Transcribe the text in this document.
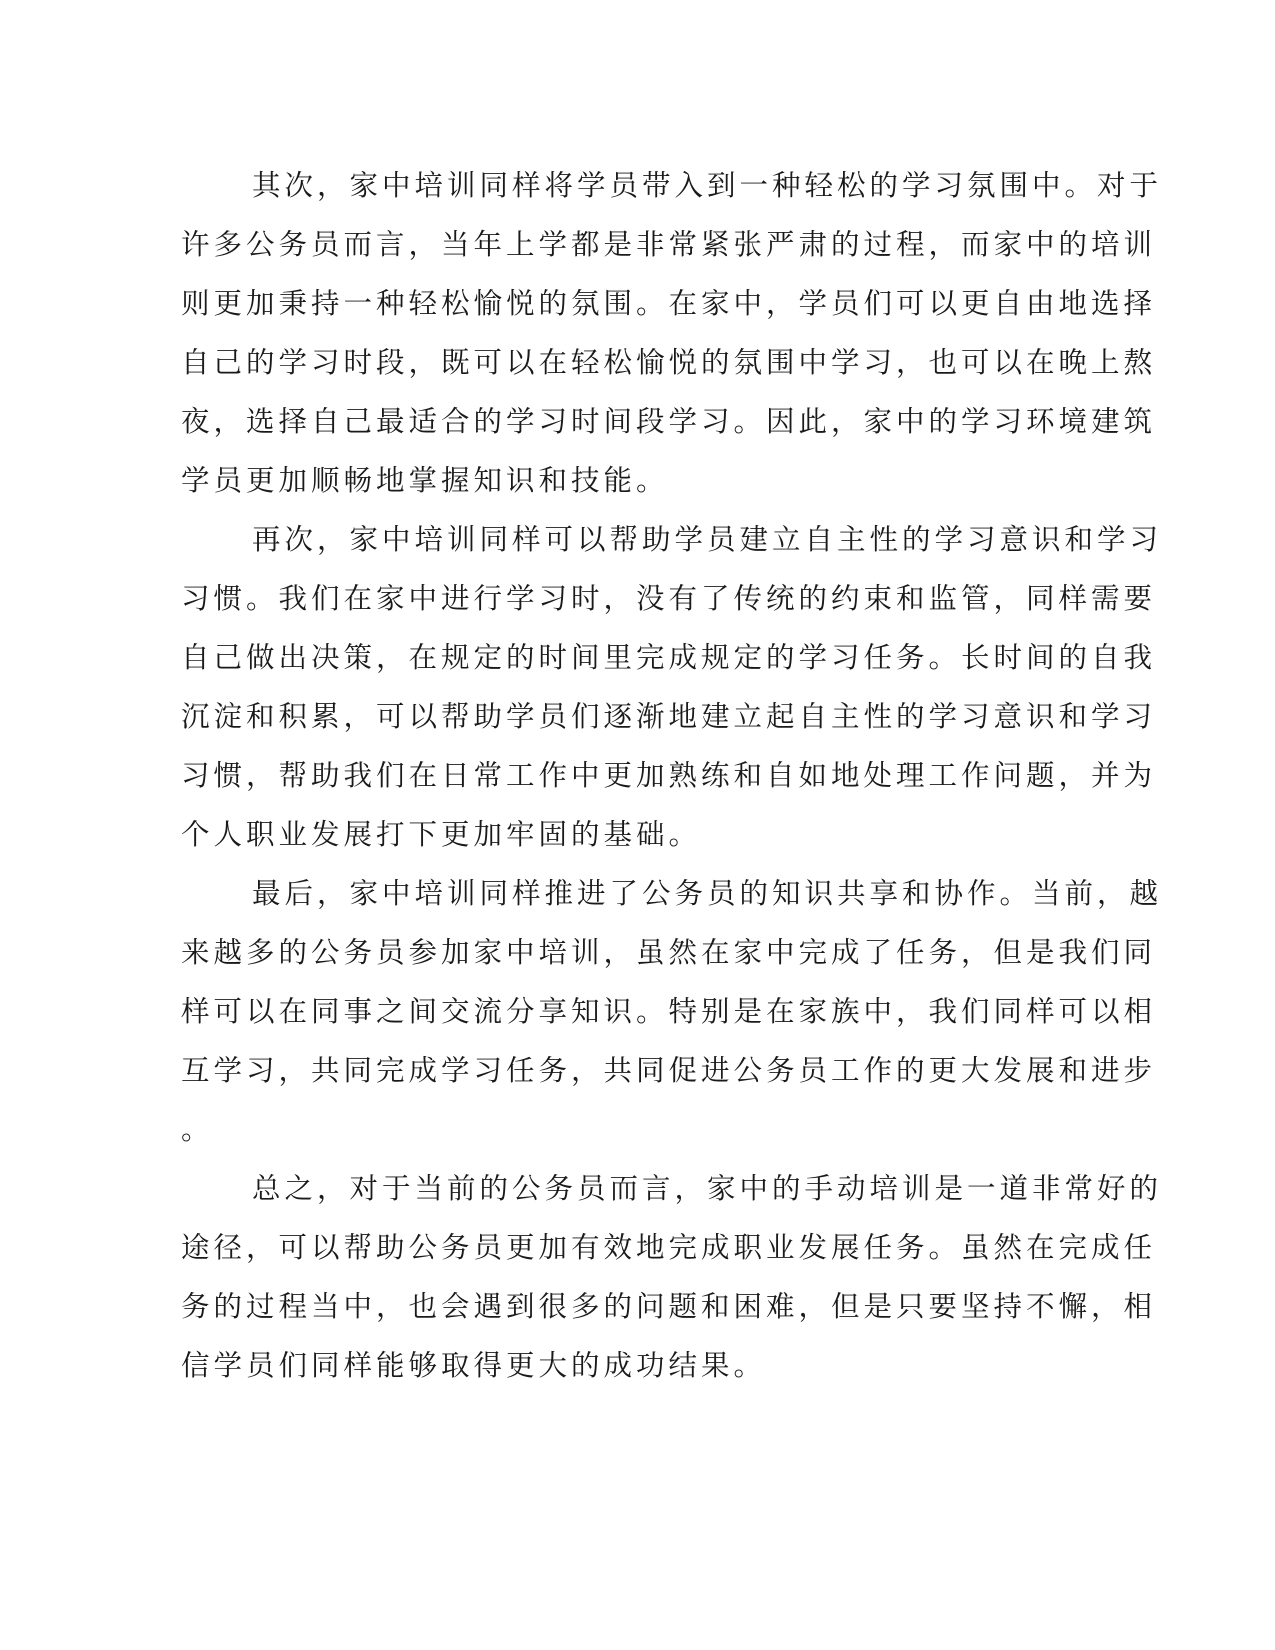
其次，家中培训同样将学员带入到一种轻松的学习氛围中。对于
许多公务员而言，当年上学都是非常紧张严肃的过程，而家中的培训
则更加秉持一种轻松愉悦的氛围。在家中，学员们可以更自由地选择
自己的学习时段，既可以在轻松愉悦的氛围中学习，也可以在晚上熬
夜，选择自己最适合的学习时间段学习。因此，家中的学习环境建筑
学员更加顺畅地掌握知识和技能。
再次，家中培训同样可以帮助学员建立自主性的学习意识和学习
习惯。我们在家中进行学习时，没有了传统的约束和监管，同样需要
自己做出决策，在规定的时间里完成规定的学习任务。长时间的自我
沉淀和积累，可以帮助学员们逐渐地建立起自主性的学习意识和学习
习惯，帮助我们在日常工作中更加熟练和自如地处理工作问题，并为
个人职业发展打下更加牢固的基础。
最后，家中培训同样推进了公务员的知识共享和协作。当前，越
来越多的公务员参加家中培训，虽然在家中完成了任务，但是我们同
样可以在同事之间交流分享知识。特别是在家族中，我们同样可以相
互学习，共同完成学习任务，共同促进公务员工作的更大发展和进步
。
总之，对于当前的公务员而言，家中的手动培训是一道非常好的
途径，可以帮助公务员更加有效地完成职业发展任务。虽然在完成任
务的过程当中，也会遇到很多的问题和困难，但是只要坚持不懈，相
信学员们同样能够取得更大的成功结果。
